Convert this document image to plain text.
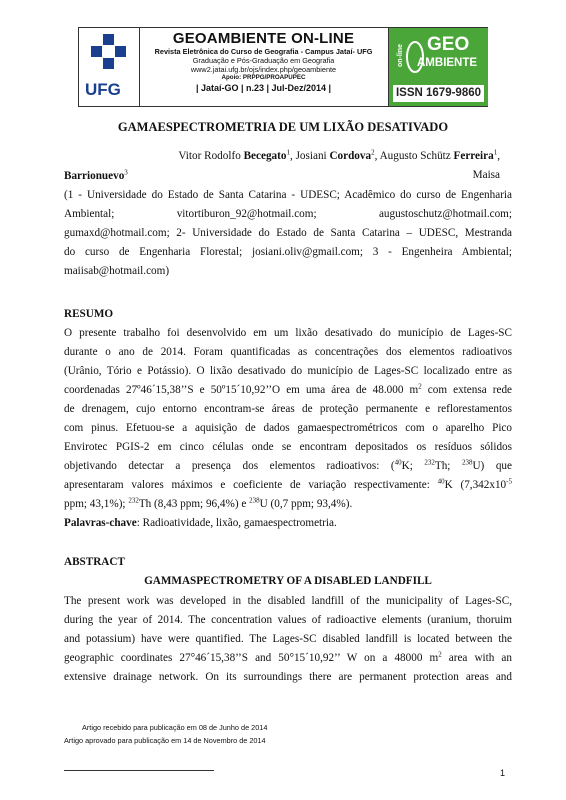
UFG
GEOAMBIENTE ON-LINE
Revista Eletrônica do Curso de Geografia - Campus Jataí- UFG
Graduação e Pós-Graduação em Geografia
www2.jatai.ufg.br/ojs/index.php/geoambiente
Apoio: PRPPG/PROAPUPEC
| Jataí-GO | n.23 | Jul-Dez/2014 |
GEO
AMBIENTE
on-line
ISSN 1679-9860
GAMAESPECTROMETRIA DE UM LIXÃO DESATIVADO
Vitor Rodolfo Becegato$^1$, Josiani Cordova$^2$, Augusto Schütz Ferreira$^1$, Maisa
Barrionuevo$^3$
(1 - Universidade do Estado de Santa Catarina - UDESC; Acadêmico do curso de Engenharia
Ambiental; vitortiburon_92@hotmail.com; augustoschutz@hotmail.com;
gumaxd@hotmail.com; 2- Universidade do Estado de Santa Catarina – UDESC, Mestranda
do curso de Engenharia Florestal; josiani.oliv@gmail.com; 3 - Engenheira Ambiental;
maiisab@hotmail.com)
RESUMO
O presente trabalho foi desenvolvido em um lixão desativado do município de Lages-SC
durante o ano de 2014. Foram quantificadas as concentrações dos elementos radioativos
(Urânio, Tório e Potássio). O lixão desativado do município de Lages-SC localizado entre as
coordenadas 27º46´15,38’’S e 50º15´10,92’’O em uma área de 48.000 $m^2$ com extensa rede
de drenagem, cujo entorno encontram-se áreas de proteção permanente e reflorestamentos
com pinus. Efetuou-se a aquisição de dados gamaespectrométricos com o aparelho Pico
Envirotec PGIS-2 em cinco células onde se encontram depositados os resíduos sólidos
objetivando detectar a presença dos elementos radioativos: ($^{40}$K; $^{232}$Th; $^{238}$U) que
apresentaram valores máximos e coeficiente de variação respectivamente: $^{40}$K ($7,342x10^{-5}$
ppm; 43,1%); $^{232}$Th (8,43 ppm; 96,4%) e $^{238}$U (0,7 ppm; 93,4%).
Palavras-chave: Radioatividade, lixão, gamaespectrometria.
ABSTRACT
GAMMASPECTROMETRY OF A DISABLED LANDFILL
The present work was developed in the disabled landfill of the municipality of Lages-SC,
during the year of 2014. The concentration values of radioactive elements (uranium, thoruim
and potassium) have were quantified. The Lages-SC disabled landfill is located between the
geographic coordinates 27°46´15,38’’S and 50°15´10,92’’ W on a 48000 $m^2$ area with an
extensive drainage network. On its surroundings there are permanent protection areas and
Artigo recebido para publicação em 08 de Junho de 2014
Artigo aprovado para publicação em 14 de Novembro de 2014
1
